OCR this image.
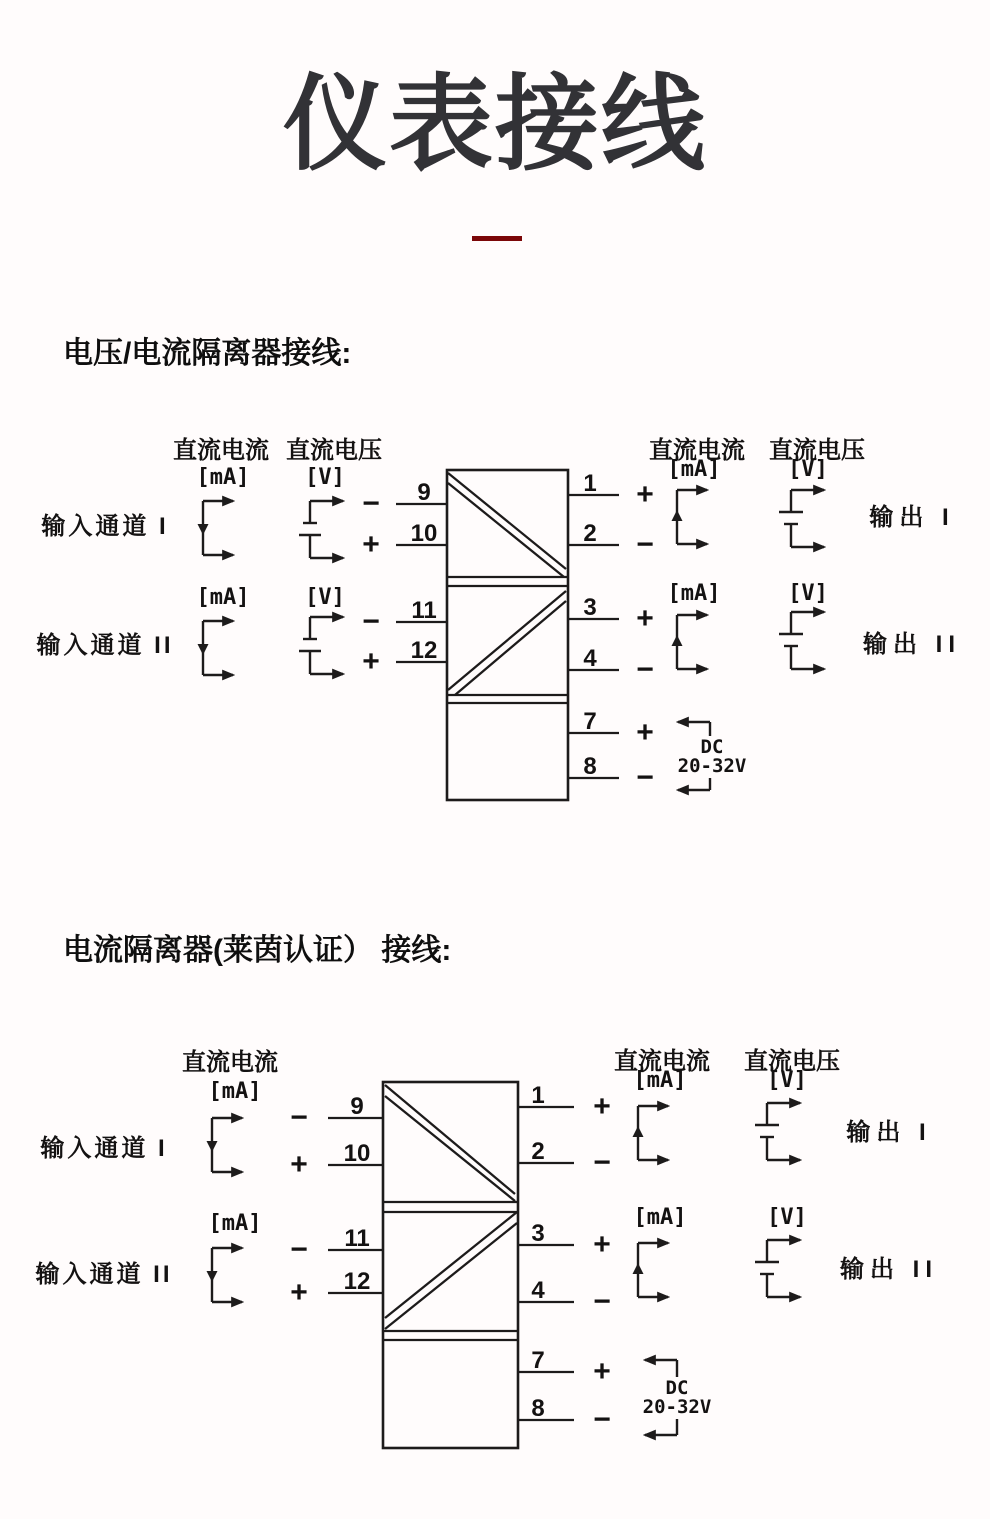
仪表接线
电压/电流隔离器接线:
直流电流 直流电压	直流电流	直流电压
[mA]	[V]
[mA]	[V]
[mA]	[V]
[mA]	[V]
输入通道 I
输入通道 II
输出 I
输出 II
9
10
11
12
−
+
−
+
1
2
3
4
7
8
+
−
+
−
+
−
DC
20-32V
电流隔离器(莱茵认证） 接线:
直流电流	直流电流	直流电压
[mA]
[mA]
[mA]	[V]
[mA]	[V]
输入通道 I
输入通道 II
输出 I
输出 II
9
10
11
12
−
+
−
+
1
2
3
4
7
8
+
−
+
−
+
−
DC
20-32V
